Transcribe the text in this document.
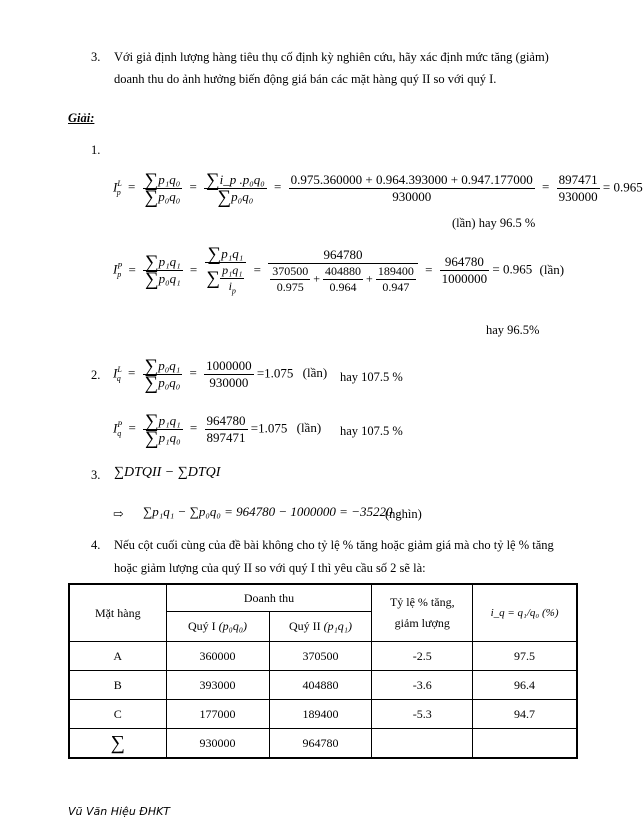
3. Với giả định lượng hàng tiêu thụ cố định kỳ nghiên cứu, hãy xác định mức tăng (giảm)
doanh thu do ảnh hưởng biến động giá bán các mặt hàng quý II so với quý I.
Giải:
1.
$I^L_p = \frac{\text{∑p₁q₀}}{\text{∑p₀q₀}} = \frac{\text{∑i\_p .p₀q₀}}{\text{∑p₀q₀}} = \frac{0.975.360000 + 0.964.393000 + 0.947.177000}{930000} = \frac{897471}{930000} = 0.965$
(lần) hay 96.5 %
$I^P_p = \frac{\text{∑p₁q₁}}{\text{∑p₀q₁}} = \frac{\text{∑p₁q₁}}{\sum \frac{\text{p₁q₁}}{i_p}}$ =
964780
$\frac{370500}{0.975} + \frac{404880}{0.964} + \frac{189400}{0.947} = \frac{964780}{1000000} = 0.965$ (lần)
hay 96.5%
2. $I^L_q = \frac{\text{∑p₀q₁}}{\text{∑p₀q₀}} = \frac{1000000}{930000} =1.075$ (lần) hay 107.5 %
$I^P_q = \frac{\text{∑p₁q₁}}{\text{∑p₁q₀}} = \frac{964780}{897471} =1.075$ (lần) hay 107.5 %
3. ∑DTQII − ∑DTQI
⇨ ∑p₁q₁ − ∑p₀q₀ = 964780 − 1000000 = −35220
(nghìn)
4. Nếu cột cuối cùng của đề bài không cho tỷ lệ % tăng hoặc giảm giá mà cho tỷ lệ % tăng
hoặc giảm lượng của quý II so với quý I thì yêu cầu số 2 sẽ là:
Mặt hàng	Doanh thu		Tỷ lệ % tăng,
giảm lượng	i_q = q₁/q₀ (%)
	Quý I (p₀q₀)	Quý II (p₁q₁)		
A	360000	370500	-2.5	97.5
B	393000	404880	-3.6	96.4
C	177000	189400	-5.3	94.7
∑	930000	964780		
Vũ Văn Hiệu ĐHKT
